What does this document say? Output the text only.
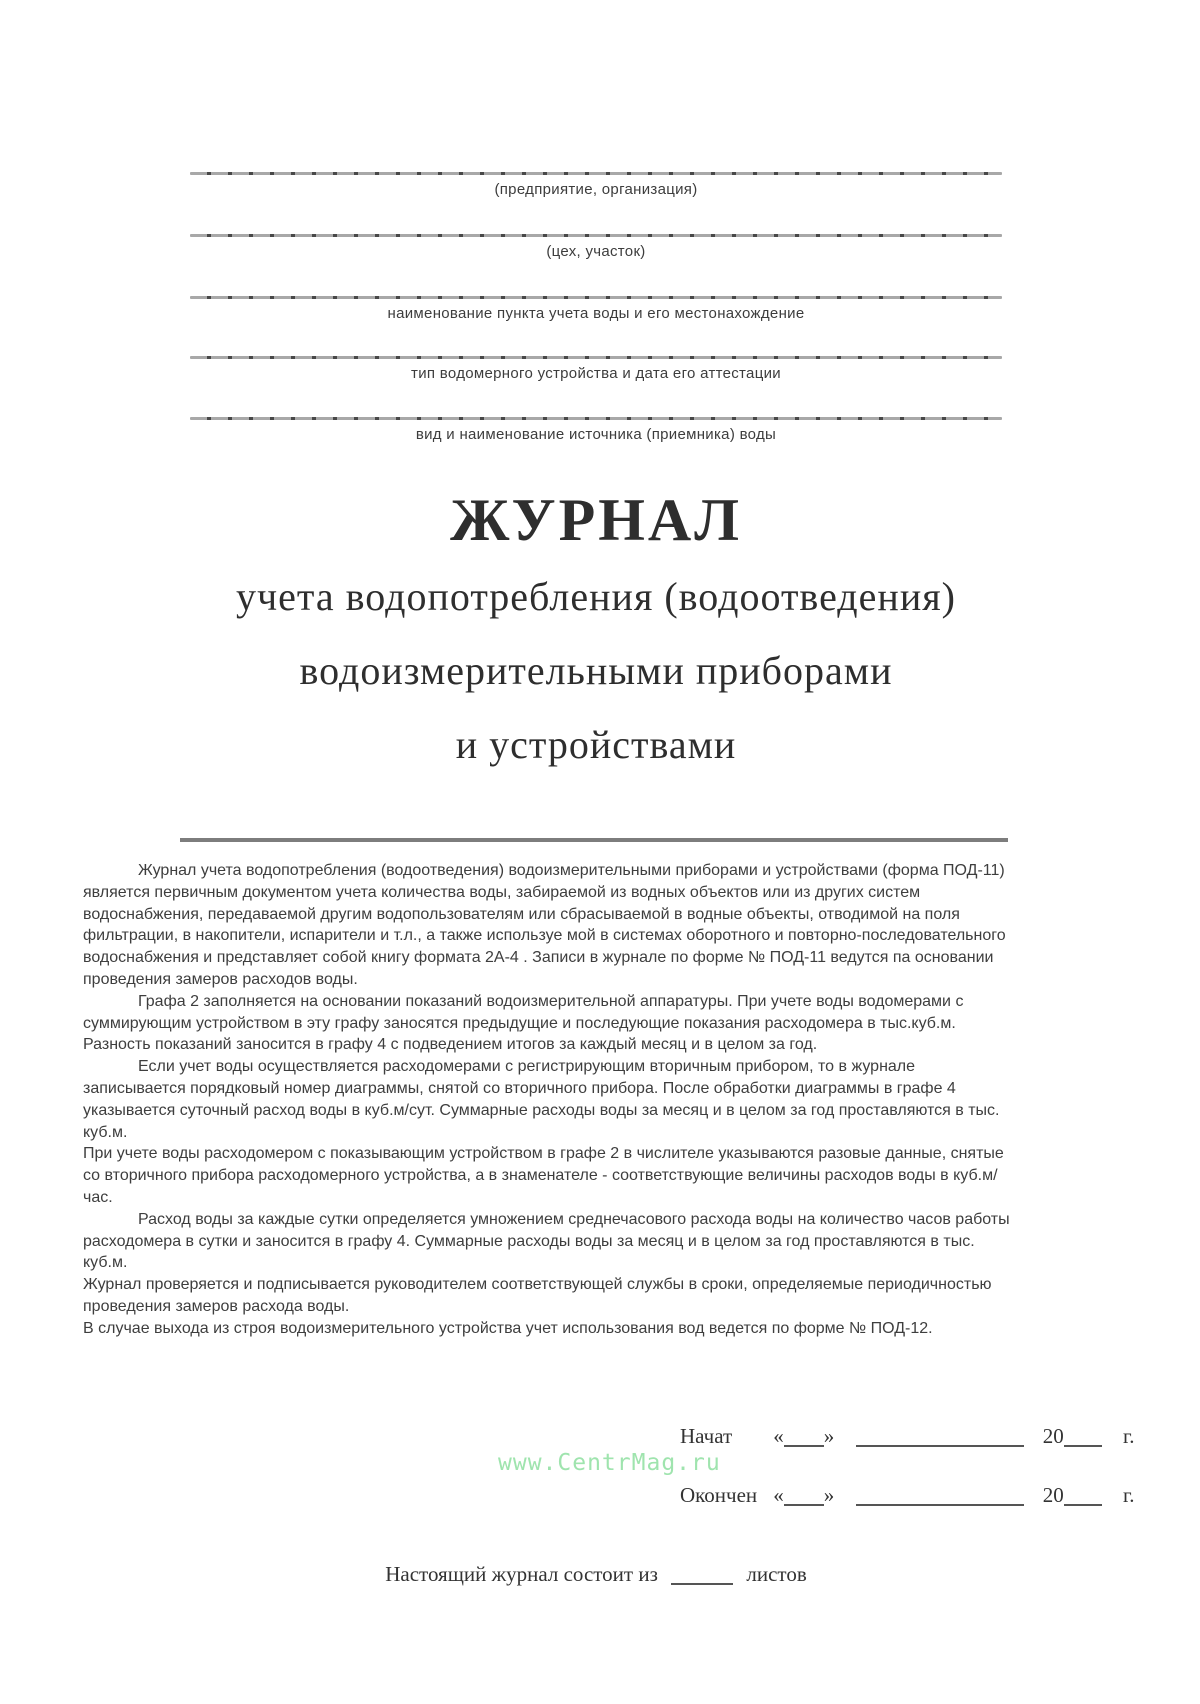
(предприятие, организация)
(цех, участок)
наименование пункта учета воды и его местонахождение
тип водомерного устройства и дата его аттестации
вид и наименование источника (приемника) воды
ЖУРНАЛ
учета водопотребления (водоотведения)
водоизмерительными приборами
и устройствами

Журнал учета водопотребления (водоотведения) водоизмерительными приборами и устройствами (форма ПОД-11) является первичным документом учета количества воды, забираемой из водных объектов или из других систем водоснабжения, передаваемой другим водопользователям или сбрасываемой в водные объекты, отводимой на поля фильтрации, в накопители, испарители и т.л., а также используе мой в системах оборотного и повторно-последовательного водоснабжения и представляет собой книгу формата 2А-4 . Записи в журнале по форме № ПОД-11 ведутся па основании проведения замеров расходов воды.

Графа 2 заполняется на основании показаний водоизмерительной аппаратуры. При учете воды водомерами с суммирующим устройством в эту графу заносятся предыдущие и последующие показания расходомера в тыс.куб.м. Разность показаний заносится в графу 4 с подведением итогов за каждый месяц и в целом за год.

Если учет воды осуществляется расходомерами с регистрирующим вторичным прибором, то в журнале записывается порядковый номер диаграммы, снятой со вторичного прибора. После обработки диаграммы в графе 4 указывается суточный расход воды в куб.м/сут. Суммарные расходы воды за месяц и в целом за год проставляются в тыс. куб.м.

При учете воды расходомером с показывающим устройством в графе 2 в числителе указываются разовые данные, снятые со вторичного прибора расходомерного устройства, а в знаменателе - соответствующие величины расходов воды в куб.м/час.

Расход воды за каждые сутки определяется умножением среднечасового расхода воды на количество часов работы расходомера в сутки и заносится в графу 4. Суммарные расходы воды за месяц и в целом за год проставляются в тыс. куб.м.

Журнал проверяется и подписывается руководителем соответствующей службы в сроки, определяемые периодичностью проведения замеров расхода воды.

В случае выхода из строя водоизмерительного устройства учет использования вод ведется по форме № ПОД-12.

Начат « »	20	г.
www.CentrMag.ru
Окончен « »	20	г.
Настоящий журнал состоит из	листов
